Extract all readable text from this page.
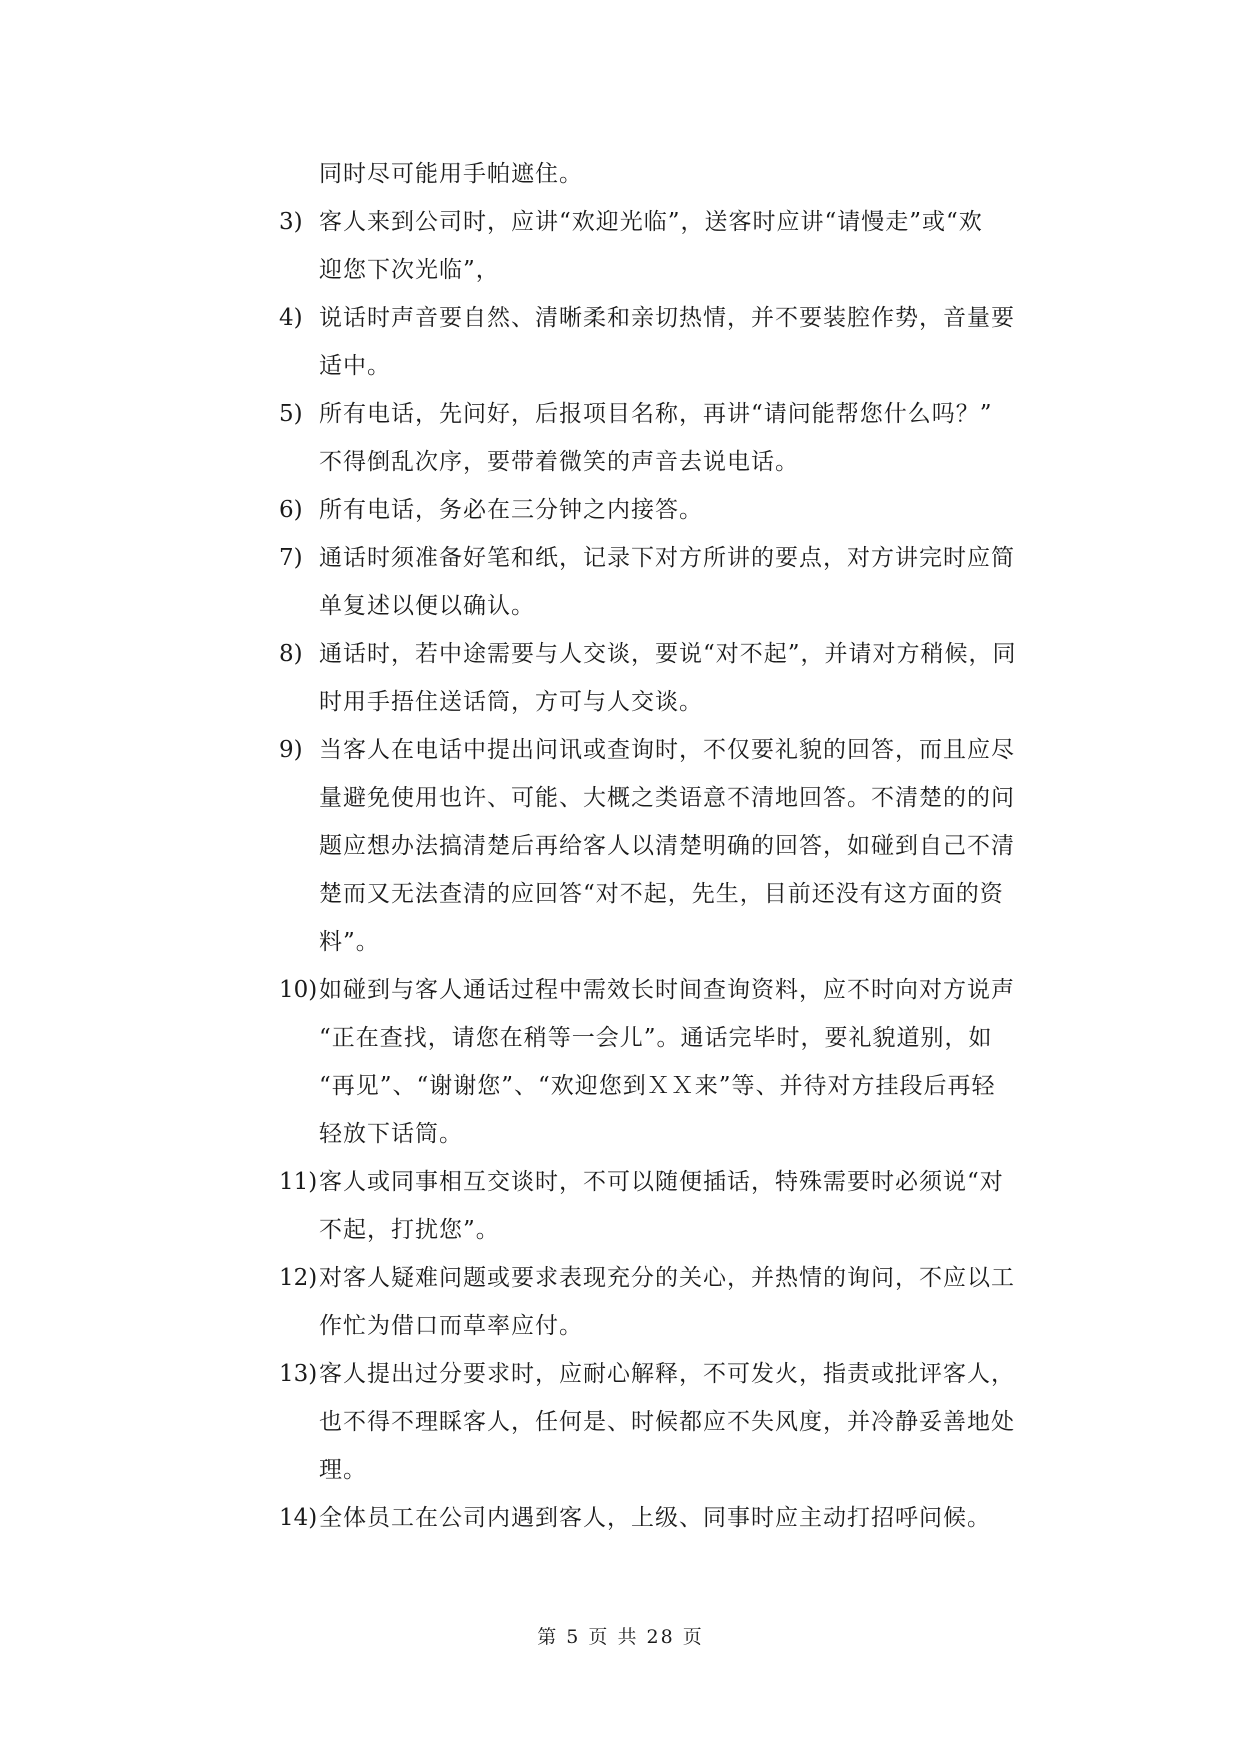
同时尽可能用手帕遮住。
3) 客人来到公司时，应讲“欢迎光临”，送客时应讲“请慢走”或“欢
迎您下次光临”，
4) 说话时声音要自然、清晰柔和亲切热情，并不要装腔作势，音量要
适中。
5) 所有电话，先问好，后报项目名称，再讲“请问能帮您什么吗？”
不得倒乱次序，要带着微笑的声音去说电话。
6) 所有电话，务必在三分钟之内接答。
7) 通话时须准备好笔和纸，记录下对方所讲的要点，对方讲完时应简
单复述以便以确认。
8) 通话时，若中途需要与人交谈，要说“对不起”，并请对方稍候，同
时用手捂住送话筒，方可与人交谈。
9) 当客人在电话中提出问讯或查询时，不仅要礼貌的回答，而且应尽
量避免使用也许、可能、大概之类语意不清地回答。不清楚的的问
题应想办法搞清楚后再给客人以清楚明确的回答，如碰到自己不清
楚而又无法查清的应回答“对不起，先生，目前还没有这方面的资
料”。
10) 如碰到与客人通话过程中需效长时间查询资料，应不时向对方说声
“正在查找，请您在稍等一会儿”。通话完毕时，要礼貌道别，如
“再见”、“谢谢您”、“欢迎您到ＸＸ来”等、并待对方挂段后再轻
轻放下话筒。
11) 客人或同事相互交谈时，不可以随便插话，特殊需要时必须说“对
不起，打扰您”。
12) 对客人疑难问题或要求表现充分的关心，并热情的询问，不应以工
作忙为借口而草率应付。
13) 客人提出过分要求时，应耐心解释，不可发火，指责或批评客人，
也不得不理睬客人，任何是、时候都应不失风度，并冷静妥善地处
理。
14) 全体员工在公司内遇到客人，上级、同事时应主动打招呼问候。
第 5 页 共 28 页
